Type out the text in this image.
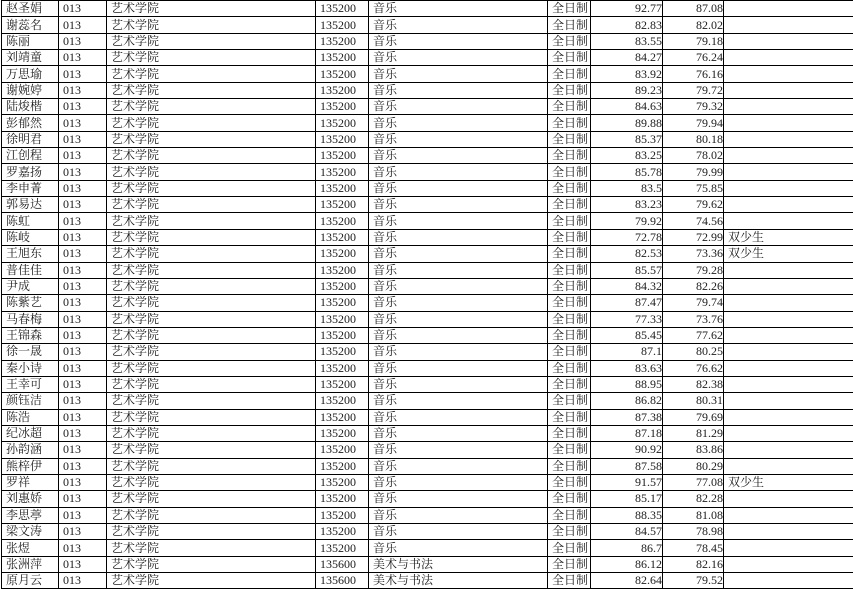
赵圣娟	013	艺术学院	135200	音乐	全日制	92.77	87.08	
谢蕊名	013	艺术学院	135200	音乐	全日制	82.83	82.02	
陈丽	013	艺术学院	135200	音乐	全日制	83.55	79.18	
刘靖童	013	艺术学院	135200	音乐	全日制	84.27	76.24	
万思瑜	013	艺术学院	135200	音乐	全日制	83.92	76.16	
谢婉婷	013	艺术学院	135200	音乐	全日制	89.23	79.72	
陆焌楷	013	艺术学院	135200	音乐	全日制	84.63	79.32	
彭郁然	013	艺术学院	135200	音乐	全日制	89.88	79.94	
徐明君	013	艺术学院	135200	音乐	全日制	85.37	80.18	
江创程	013	艺术学院	135200	音乐	全日制	83.25	78.02	
罗嘉扬	013	艺术学院	135200	音乐	全日制	85.78	79.99	
李申菁	013	艺术学院	135200	音乐	全日制	83.5	75.85	
郭易达	013	艺术学院	135200	音乐	全日制	83.23	79.62	
陈虹	013	艺术学院	135200	音乐	全日制	79.92	74.56	
陈岐	013	艺术学院	135200	音乐	全日制	72.78	72.99	双少生
王旭东	013	艺术学院	135200	音乐	全日制	82.53	73.36	双少生
普佳佳	013	艺术学院	135200	音乐	全日制	85.57	79.28	
尹成	013	艺术学院	135200	音乐	全日制	84.32	82.26	
陈紫艺	013	艺术学院	135200	音乐	全日制	87.47	79.74	
马春梅	013	艺术学院	135200	音乐	全日制	77.33	73.76	
王锦森	013	艺术学院	135200	音乐	全日制	85.45	77.62	
徐一晟	013	艺术学院	135200	音乐	全日制	87.1	80.25	
秦小诗	013	艺术学院	135200	音乐	全日制	83.63	76.62	
王幸可	013	艺术学院	135200	音乐	全日制	88.95	82.38	
颜钰洁	013	艺术学院	135200	音乐	全日制	86.82	80.31	
陈浩	013	艺术学院	135200	音乐	全日制	87.38	79.69	
纪冰超	013	艺术学院	135200	音乐	全日制	87.18	81.29	
孙韵涵	013	艺术学院	135200	音乐	全日制	90.92	83.86	
熊梓伊	013	艺术学院	135200	音乐	全日制	87.58	80.29	
罗祥	013	艺术学院	135200	音乐	全日制	91.57	77.08	双少生
刘惠娇	013	艺术学院	135200	音乐	全日制	85.17	82.28	
李思葶	013	艺术学院	135200	音乐	全日制	88.35	81.08	
梁文涛	013	艺术学院	135200	音乐	全日制	84.57	78.98	
张煜	013	艺术学院	135200	音乐	全日制	86.7	78.45	
张洲萍	013	艺术学院	135600	美术与书法	全日制	86.12	82.16	
原月云	013	艺术学院	135600	美术与书法	全日制	82.64	79.52	
